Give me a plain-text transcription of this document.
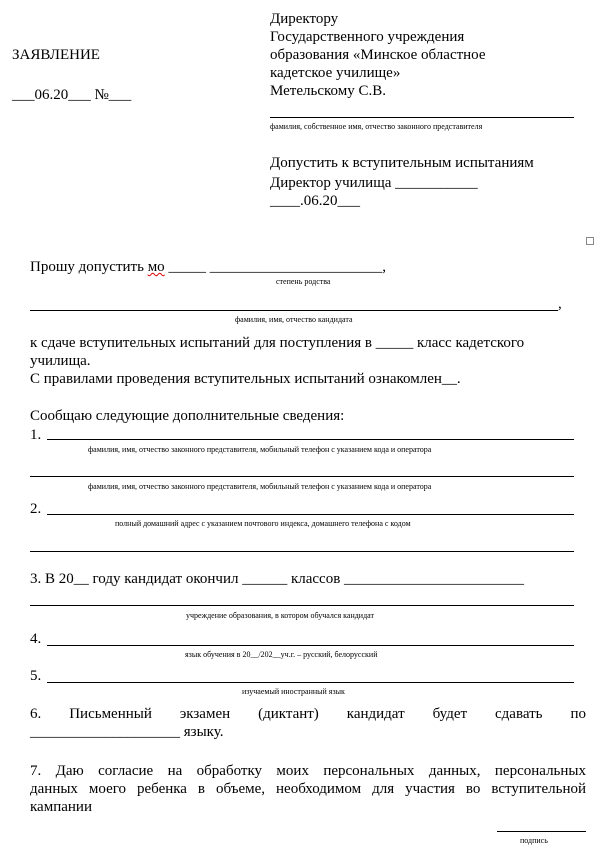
ЗАЯВЛЕНИЕ
___06.20___ №___
Директору
Государственного учреждения
образования «Минское областное
кадетское училище»
Метельскому С.В.
фамилия, собственное имя, отчество законного представителя
Допустить к вступительным испытаниям
Директор училища ___________
____.06.20___
Прошу допустить мо _____ _______________________,
степень родства
,
фамилия, имя, отчество кандидата
к сдаче вступительных испытаний для поступления в _____ класс кадетского
училища.
С правилами проведения вступительных испытаний ознакомлен__.
Сообщаю следующие дополнительные сведения:
1.
фамилия, имя, отчество законного представителя, мобильный телефон с указанием кода и оператора
фамилия, имя, отчество законного представителя, мобильный телефон с указанием кода и оператора
2.
полный домашний адрес с указанием почтового индекса, домашнего телефона с кодом
3. В 20__ году кандидат окончил ______ классов ________________________
учреждение образования, в котором обучался кандидат
4.
язык обучения в 20__/202__уч.г. – русский, белорусский
5.
изучаемый иностранный язык
6. Письменный экзамен (диктант) кандидат будет сдавать по
____________________ языку.
7. Даю согласие на обработку моих персональных данных, персональных
данных моего ребенка в объеме, необходимом для участия во вступительной
кампании
подпись
